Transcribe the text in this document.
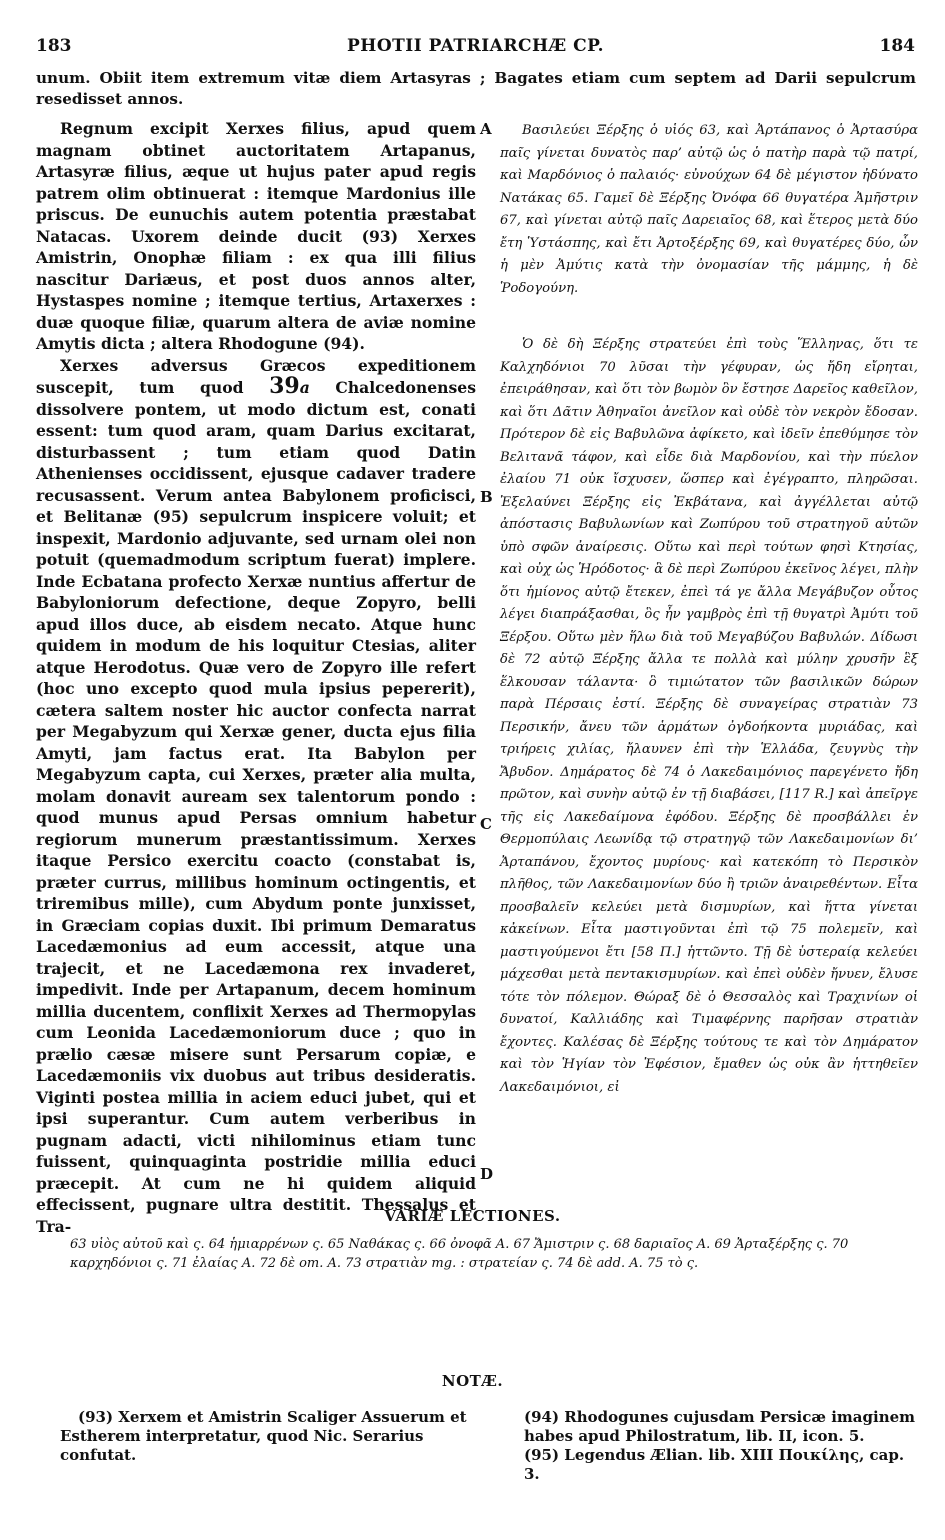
183	PHOTII PATRIARCHÆ CP.	184
unum. Obiit item extremum vitæ diem Artasyras ; Bagates etiam cum septem ad Darii sepulcrum resedisset annos.

Regnum excipit Xerxes filius, apud quem magnam obtinet auctoritatem Artapanus, Artasyræ filius, æque ut hujus pater apud regis patrem olim obtinuerat : itemque Mardonius ille priscus. De eunuchis autem potentia præstabat Natacas. Uxorem deinde ducit (93) Xerxes Amistrin, Onophæ filiam : ex qua illi filius nascitur Dariæus, et post duos annos alter, Hystaspes nomine ; itemque tertius, Artaxerxes : duæ quoque filiæ, quarum altera de aviæ nomine Amytis dicta ; altera Rhodogune (94).

Xerxes adversus Græcos expeditionem suscepit, tum quod 39a Chalcedonenses dissolvere pontem, ut modo dictum est, conati essent: tum quod aram, quam Darius excitarat, disturbassent ; tum etiam quod Datin Athenienses occidissent, ejusque cadaver tradere recusassent. Verum antea Babylonem proficisci, et Belitanæ (95) sepulcrum inspicere voluit; et inspexit, Mardonio adjuvante, sed urnam olei non potuit (quemadmodum scriptum fuerat) implere. Inde Ecbatana profecto Xerxæ nuntius affertur de Babyloniorum defectione, deque Zopyro, belli apud illos duce, ab eisdem necato. Atque hunc quidem in modum de his loquitur Ctesias, aliter atque Herodotus. Quæ vero de Zopyro ille refert (hoc uno excepto quod mula ipsius pepererit), cætera saltem noster hic auctor confecta narrat per Megabyzum qui Xerxæ gener, ducta ejus filia Amyti, jam factus erat. Ita Babylon per Megabyzum capta, cui Xerxes, præter alia multa, molam donavit auream sex talentorum pondo : quod munus apud Persas omnium habetur regiorum munerum præstantissimum. Xerxes itaque Persico exercitu coacto (constabat is, præter currus, millibus hominum octingentis, et triremibus mille), cum Abydum ponte junxisset, in Græciam copias duxit. Ibi primum Demaratus Lacedæmonius ad eum accessit, atque una trajecit, et ne Lacedæmona rex invaderet, impedivit. Inde per Artapanum, decem hominum millia ducentem, conflixit Xerxes ad Thermopylas cum Leonida Lacedæmoniorum duce ; quo in prælio cæsæ misere sunt Persarum copiæ, e Lacedæmoniis vix duobus aut tribus desideratis. Viginti postea millia in aciem educi jubet, qui et ipsi superantur. Cum autem verberibus in pugnam adacti, victi nihilominus etiam tunc fuissent, quinquaginta postridie millia educi præcepit. At cum ne hi quidem aliquid effecissent, pugnare ultra destitit. Thessalus et Tra-

A
B
C
D

Βασιλεύει Ξέρξης ὁ υἱός 63, καὶ Ἀρτάπανος ὁ Ἀρτασύρα παῖς γίνεται δυνατὸς παρ’ αὐτῷ ὡς ὁ πατὴρ παρὰ τῷ πατρί, καὶ Μαρδόνιος ὁ παλαιός· εὐνούχων 64 δὲ μέγιστον ἠδύνατο Νατάκας 65. Γαμεῖ δὲ Ξέρξης Ὀνόφα 66 θυγατέρα Ἀμῆστριν 67, καὶ γίνεται αὐτῷ παῖς Δαρειαῖος 68, καὶ ἕτερος μετὰ δύο ἔτη Ὑστάσπης, καὶ ἔτι Ἀρτοξέρξης 69, καὶ θυγατέρες δύο, ὧν ἡ μὲν Ἀμύτις κατὰ τὴν ὀνομασίαν τῆς μάμμης, ἡ δὲ Ῥοδογούνη.

Ὁ δὲ δὴ Ξέρξης στρατεύει ἐπὶ τοὺς Ἕλληνας, ὅτι τε Καλχηδόνιοι 70 λῦσαι τὴν γέφυραν, ὡς ἤδη εἴρηται, ἐπειράθησαν, καὶ ὅτι τὸν βωμὸν ὃν ἔστησε Δαρεῖος καθεῖλον, καὶ ὅτι Δᾶτιν Ἀθηναῖοι ἀνεῖλον καὶ οὐδὲ τὸν νεκρὸν ἔδοσαν. Πρότερον δὲ εἰς Βαβυλῶνα ἀφίκετο, καὶ ἰδεῖν ἐπεθύμησε τὸν Βελιτανᾶ τάφον, καὶ εἶδε διὰ Μαρδονίου, καὶ τὴν πύελον ἐλαίου 71 οὐκ ἴσχυσεν, ὥσπερ καὶ ἐγέγραπτο, πληρῶσαι. Ἐξελαύνει Ξέρξης εἰς Ἐκβάτανα, καὶ ἀγγέλλεται αὐτῷ ἀπόστασις Βαβυλωνίων καὶ Ζωπύρου τοῦ στρατηγοῦ αὐτῶν ὑπὸ σφῶν ἀναίρεσις. Οὕτω καὶ περὶ τούτων φησὶ Κτησίας, καὶ οὐχ ὡς Ἡρόδοτος· ἃ δὲ περὶ Ζωπύρου ἐκεῖνος λέγει, πλὴν ὅτι ἡμίονος αὐτῷ ἔτεκεν, ἐπεὶ τά γε ἄλλα Μεγάβυζον οὗτος λέγει διαπράξασθαι, ὃς ἦν γαμβρὸς ἐπὶ τῇ θυγατρὶ Ἀμύτι τοῦ Ξέρξου. Οὕτω μὲν ἥλω διὰ τοῦ Μεγαβύζου Βαβυλών. Δίδωσι δὲ 72 αὐτῷ Ξέρξης ἄλλα τε πολλὰ καὶ μύλην χρυσῆν ἓξ ἕλκουσαν τάλαντα· ὃ τιμιώτατον τῶν βασιλικῶν δώρων παρὰ Πέρσαις ἐστί. Ξέρξης δὲ συναγείρας στρατιὰν 73 Περσικήν, ἄνευ τῶν ἁρμάτων ὀγδοήκοντα μυριάδας, καὶ τριήρεις χιλίας, ἤλαυνεν ἐπὶ τὴν Ἑλλάδα, ζευγνὺς τὴν Ἄβυδον. Δημάρατος δὲ 74 ὁ Λακεδαιμόνιος παρεγένετο ἤδη πρῶτον, καὶ συνὴν αὐτῷ ἐν τῇ διαβάσει, [117 R.] καὶ ἀπεῖργε τῆς εἰς Λακεδαίμονα ἐφόδου. Ξέρξης δὲ προσβάλλει ἐν Θερμοπύλαις Λεωνίδᾳ τῷ στρατηγῷ τῶν Λακεδαιμονίων δι’ Ἀρταπάνου, ἔχοντος μυρίους· καὶ κατεκόπη τὸ Περσικὸν πλῆθος, τῶν Λακεδαιμονίων δύο ἢ τριῶν ἀναιρεθέντων. Εἶτα προσβαλεῖν κελεύει μετὰ δισμυρίων, καὶ ἥττα γίνεται κἀκείνων. Εἶτα μαστιγοῦνται ἐπὶ τῷ 75 πολεμεῖν, καὶ μαστιγούμενοι ἔτι [58 Π.] ἡττῶντο. Τῇ δὲ ὑστεραίᾳ κελεύει μάχεσθαι μετὰ πεντακισμυρίων. καὶ ἐπεὶ οὐδὲν ἤνυεν, ἔλυσε τότε τὸν πόλεμον. Θώραξ δὲ ὁ Θεσσαλὸς καὶ Τραχινίων οἱ δυνατοί, Καλλιάδης καὶ Τιμαφέρνης παρῆσαν στρατιὰν ἔχοντες. Καλέσας δὲ Ξέρξης τούτους τε καὶ τὸν Δημάρατον καὶ τὸν Ἡγίαν τὸν Ἐφέσιον, ἔμαθεν ὡς οὐκ ἂν ἡττηθεῖεν Λακεδαιμόνιοι, εἰ

VARIÆ LECTIONES.
63 υἱὸς αὐτοῦ καὶ ς. 64 ἡμιαρρένων ς. 65 Ναθάκας ς. 66 ὀνοφᾶ A. 67 Ἄμιστριν ς. 68 δαριαῖος A. 69 Ἀρταξέρξης ς. 70 καρχηδόνιοι ς. 71 ἐλαίας A. 72 δὲ om. A. 73 στρατιὰν mg. : στρατείαν ς. 74 δὲ add. A. 75 τὸ ς.
NOTÆ.

(93) Xerxem et Amistrin Scaliger Assuerum et Estherem interpretatur, quod Nic. Serarius confutat.

(94) Rhodogunes cujusdam Persicæ imaginem habes apud Philostratum, lib. II, icon. 5.

(95) Legendus Ælian. lib. XIII Ποικίλης, cap. 3.
